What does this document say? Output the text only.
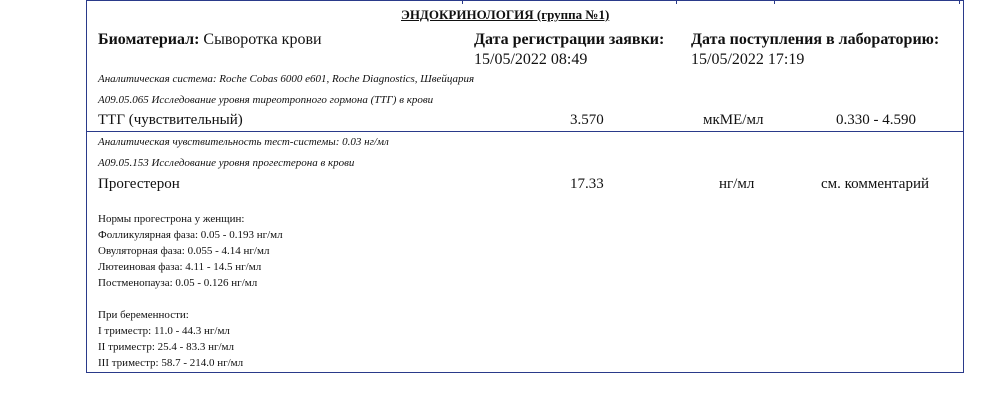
ЭНДОКРИНОЛОГИЯ (группа №1)
Биоматериал: Сыворотка крови	Дата регистрации заявки:
15/05/2022 08:49
Дата поступления в лабораторию:
15/05/2022 17:19
Аналитическая система: Roche Cobas 6000 e601, Roche Diagnostics, Швейцария
A09.05.065 Исследование уровня тиреотропного гормона (ТТГ) в крови
ТТГ (чувствительный)	3.570	мкМЕ/мл	0.330 - 4.590
Аналитическая чувствительность тест-системы: 0.03 нг/мл
A09.05.153 Исследование уровня прогестерона в крови
Прогестерон	17.33	нг/мл	см. комментарий
Нормы прогестрона у женщин:
Фолликулярная фаза: 0.05 - 0.193 нг/мл
Овуляторная фаза: 0.055 - 4.14 нг/мл
Лютеиновая фаза: 4.11 - 14.5 нг/мл
Постменопауза: 0.05 - 0.126 нг/мл
При беременности:
I триместр: 11.0 - 44.3 нг/мл
II триместр: 25.4 - 83.3 нг/мл
III триместр: 58.7 - 214.0 нг/мл
